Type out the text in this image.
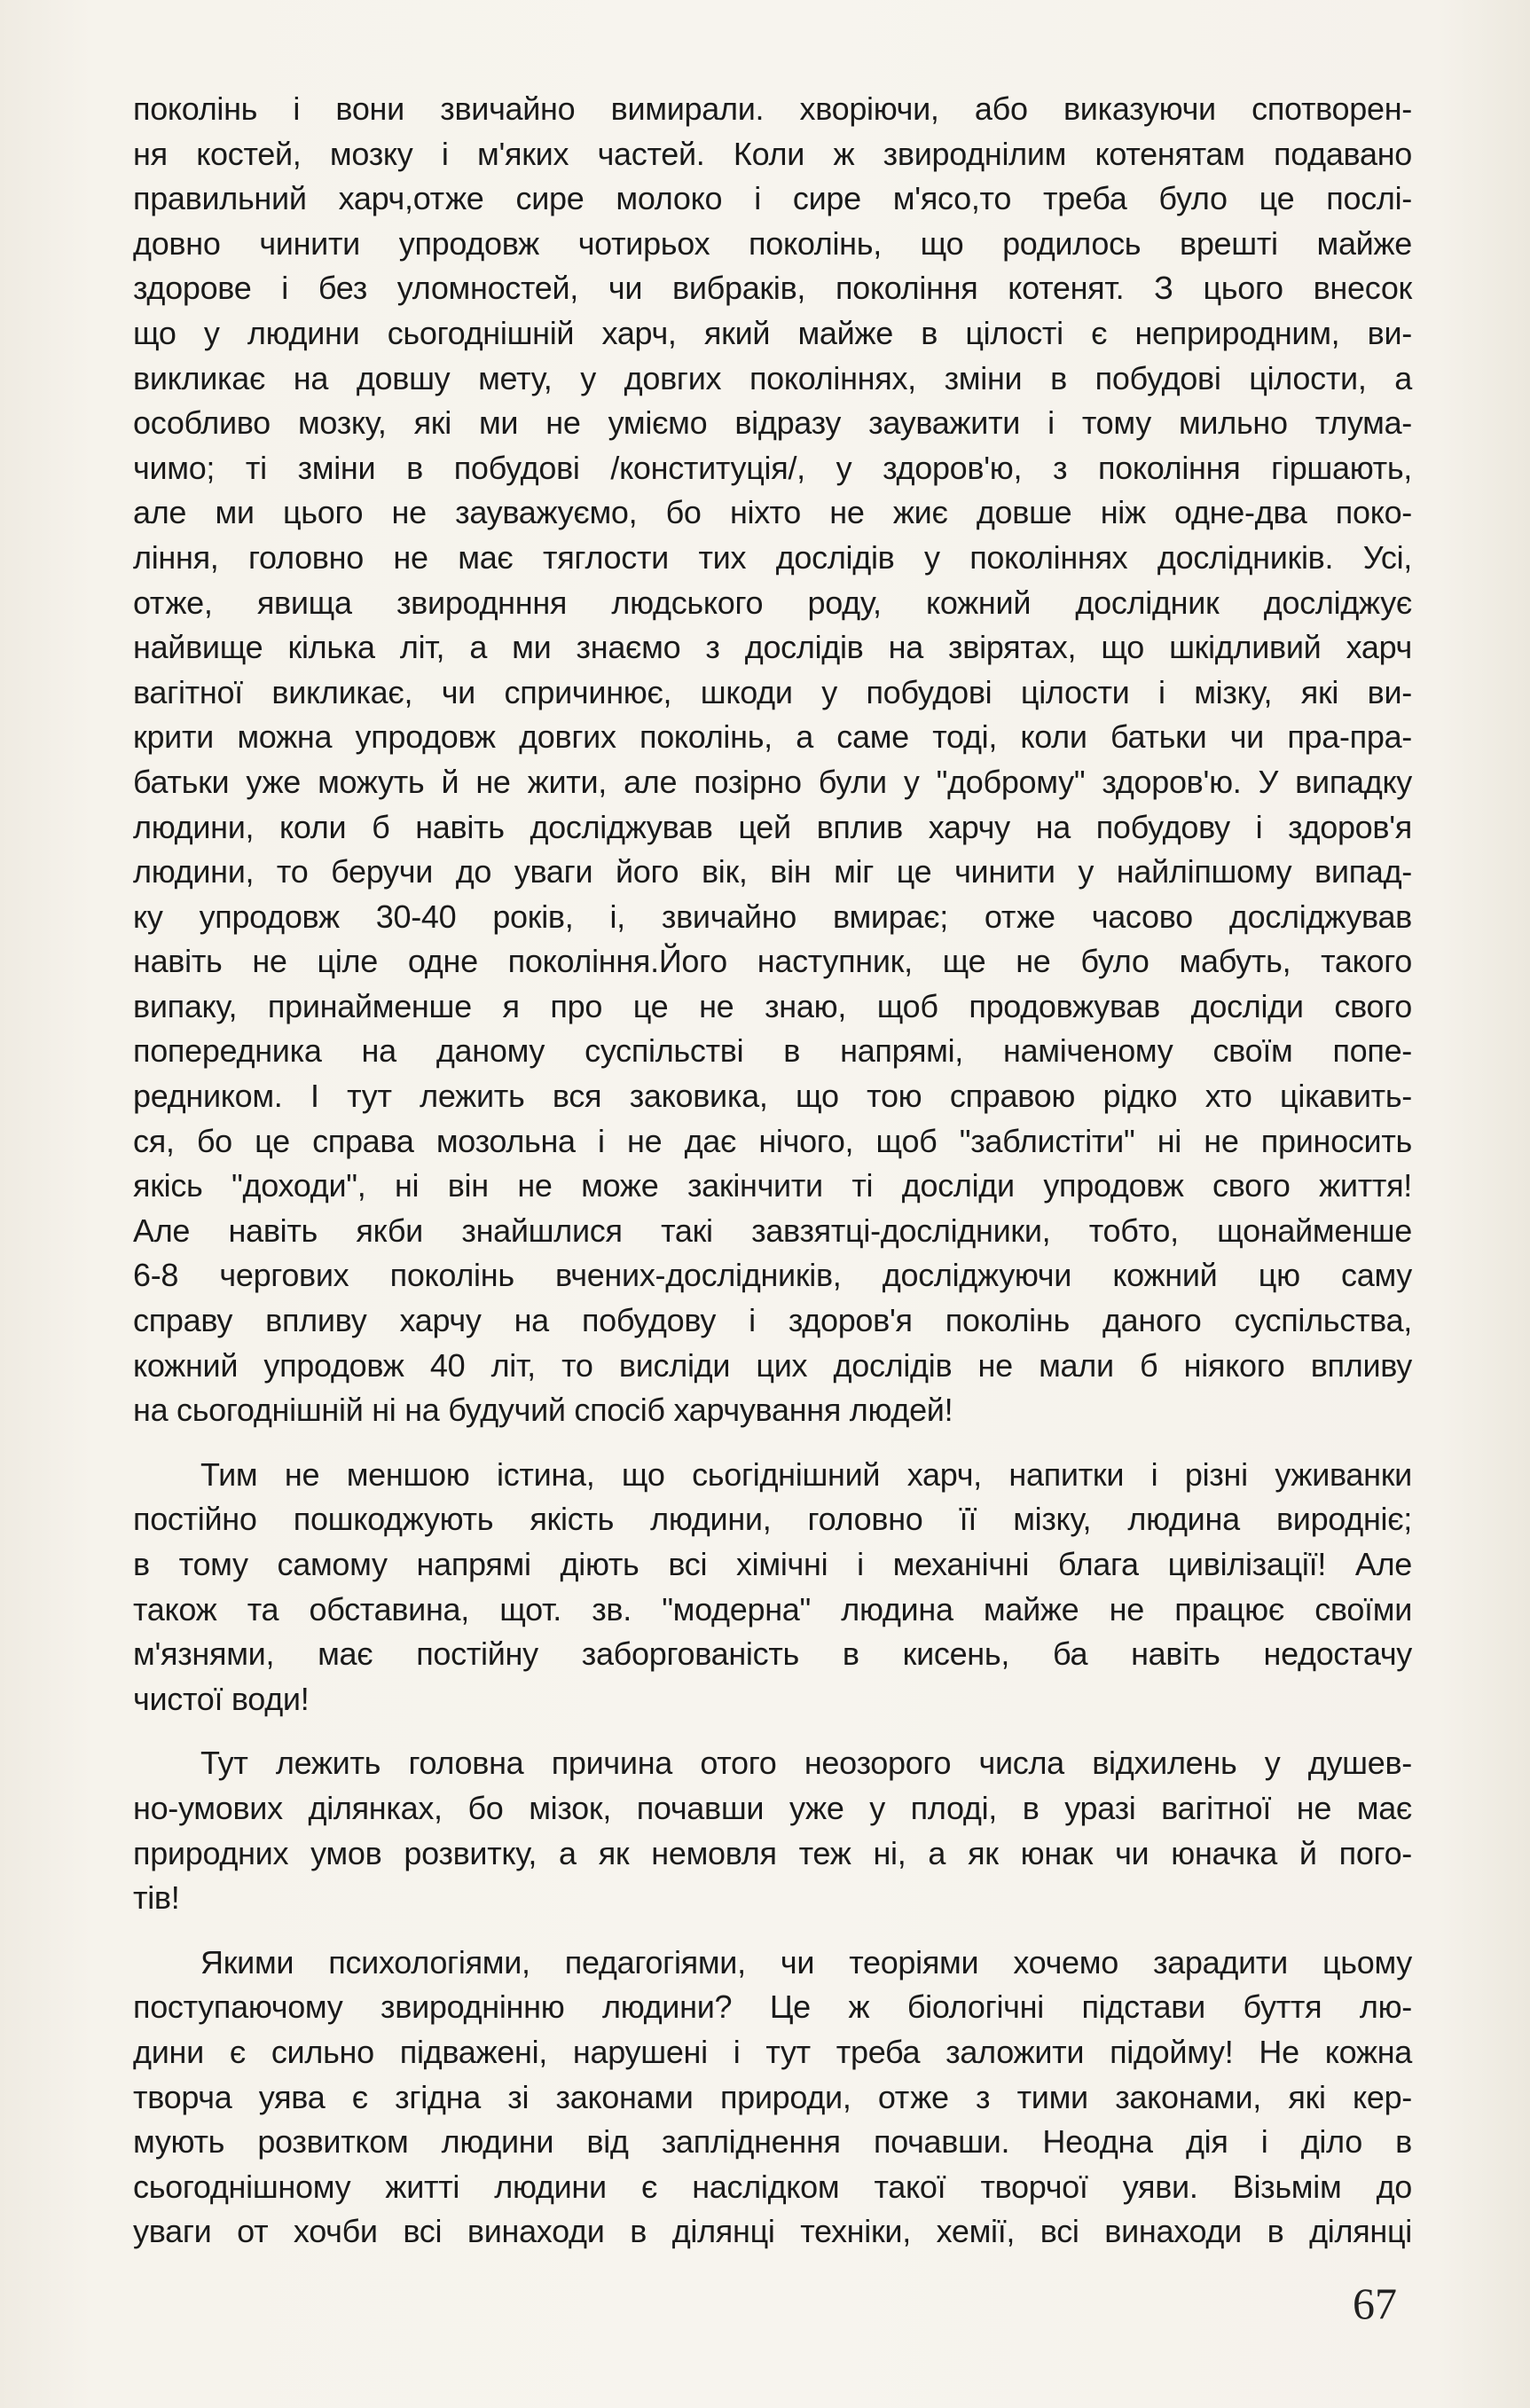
поколінь і вони звичайно вимирали. хворіючи, або виказуючи спотворен-
ня костей, мозку і м'яких частей. Коли ж звироднілим котенятам подавано
правильний харч,отже сире молоко і сире м'ясо,то треба було це послі-
довно чинити упродовж чотирьох поколінь, що родилось врешті майже
здорове і без уломностей, чи вибраків, покоління котенят. З цього внесок
що у людини сьогоднішній харч, який майже в цілості є неприродним, ви-
викликає на довшу мету, у довгих поколіннях, зміни в побудові цілости, а
особливо мозку, які ми не уміємо відразу зауважити і тому мильно тлума-
чимо; ті зміни в побудові /конституція/, у здоров'ю, з покоління гіршають,
але ми цього не зауважуємо, бо ніхто не жиє довше ніж одне-два поко-
ління, головно не має тяглости тих дослідів у поколіннях дослідників. Усі,
отже, явища звироднння людського роду, кожний дослідник досліджує
найвище кілька літ, а ми знаємо з дослідів на звірятах, що шкідливий харч
вагітної викликає, чи спричинює, шкоди у побудові цілости і мізку, які ви-
крити можна упродовж довгих поколінь, а саме тоді, коли батьки чи пра-пра-
батьки уже можуть й не жити, але позірно були у "доброму" здоров'ю. У випадку
людини, коли б навіть досліджував цей вплив харчу на побудову і здоров'я
людини, то беручи до уваги його вік, він міг це чинити у найліпшому випад-
ку упродовж 30-40 років, і, звичайно вмирає; отже часово досліджував
навіть не ціле одне покоління.Його наступник, ще не було мабуть, такого
випаку, принайменше я про це не знаю, щоб продовжував досліди свого
попередника на даному суспільстві в напрямі, наміченому своїм попе-
редником. І тут лежить вся заковика, що тою справою рідко хто цікавить-
ся, бо це справа мозольна і не дає нічого, щоб "заблистіти" ні не приносить
якісь "доходи", ні він не може закінчити ті досліди упродовж свого життя!
Але навіть якби знайшлися такі завзятці-дослідники, тобто, щонайменше
6-8 чергових поколінь вчених-дослідників, досліджуючи кожний цю саму
справу впливу харчу на побудову і здоров'я поколінь даного суспільства,
кожний упродовж 40 літ, то висліди цих дослідів не мали б ніякого впливу
на сьогоднішній ні на будучий спосіб харчування людей!
Тим не меншою істина, що сьогіднішний харч, напитки і різні уживанки
постійно пошкоджують якість людини, головно її мізку, людина виродніє;
в тому самому напрямі діють всі хімічні і механічні блага цивілізації! Але
також та обставина, щот. зв. "модерна" людина майже не працює своїми
м'язнями, має постійну заборгованість в кисень, ба навіть недостачу
чистої води!
Тут лежить головна причина отого неозорого числа відхилень у душев-
но-умових ділянках, бо мізок, почавши уже у плоді, в уразі вагітної не має
природних умов розвитку, а як немовля теж ні, а як юнак чи юначка й пого-
тів!
Якими психологіями, педагогіями, чи теоріями хочемо зарадити цьому
поступаючому звироднінню людини? Це ж біологічні підстави буття лю-
дини є сильно підважені, нарушені і тут треба заложити підойму! Не кожна
творча уява є згідна зі законами природи, отже з тими законами, які кер-
мують розвитком людини від запліднення почавши. Неодна дія і діло в
сьогоднішному житті людини є наслідком такої творчої уяви. Візьмім до
уваги от хочби всі винаходи в ділянці техніки, хемії, всі винаходи в ділянці
67
